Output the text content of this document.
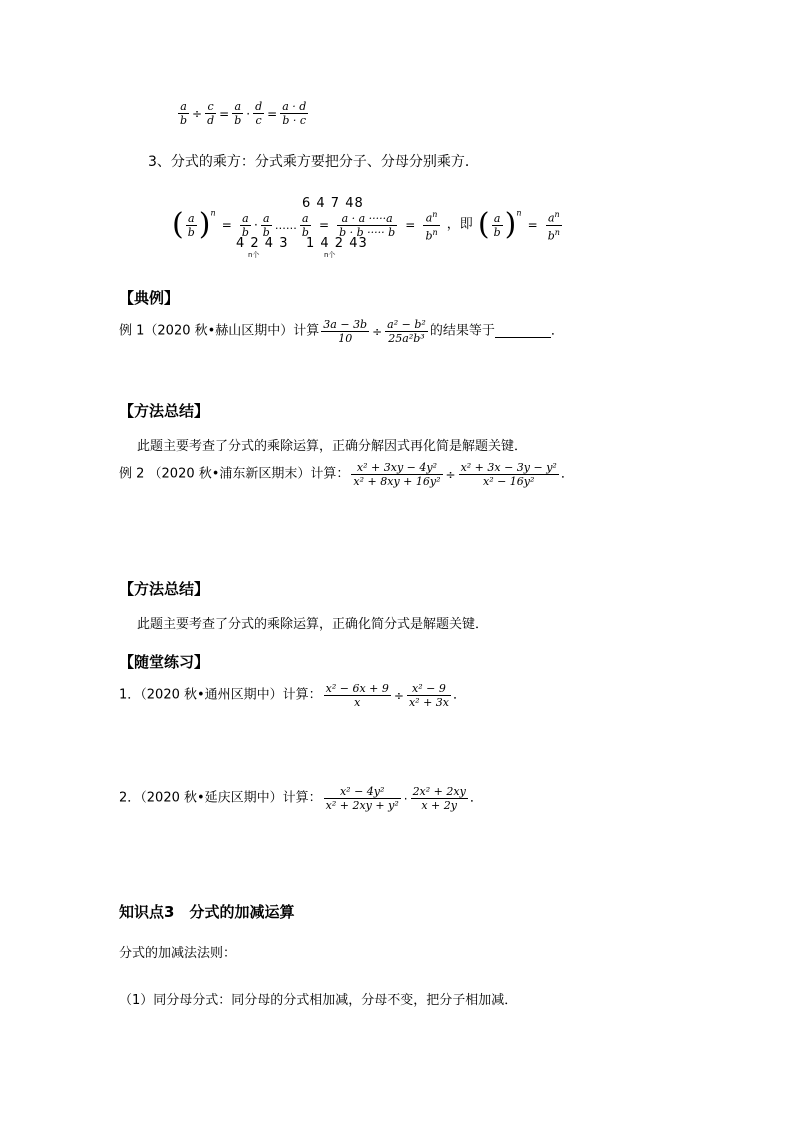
$\frac{a}{b} \div \frac{c}{d} = \frac{a}{b} \cdot \frac{d}{c} = \frac{a \cdot d}{b \cdot c}$
3、分式的乘方：分式乘方要把分子、分母分别乘方．
6 4 7 48
( $\frac{a}{b} )^n = \frac{a}{b} \cdot \frac{a}{b}$ …… $\frac{a}{b} = \frac{a \cdot a \cdot\cdot\cdot\cdot\cdot a}{b \cdot b \cdot\cdot\cdot\cdot\cdot b} = \frac{a^n}{b^n}$ ，即 ( $\frac{a}{b} )^n = \frac{a^n}{b^n}$
4 2 4 3 1 4 2 43
n个	n个
【典例】
例 1（2020 秋•赫山区期中）计算 $\frac{3a - 3b}{10} \div \frac{\text{a² − b²}}{\text{25a²b³}}$ 的结果等于	．
【方法总结】
此题主要考查了分式的乘除运算，正确分解因式再化简是解题关键．
例 2 （2020 秋•浦东新区期末）计算： $\frac{\text{x² + 3xy − 4y²}}{\text{x² + 8xy + 16y²}} \div \frac{\text{x² + 3x − 3y − y²}}{\text{x² − 16y²}}$ ．
【方法总结】
此题主要考查了分式的乘除运算，正确化简分式是解题关键．
【随堂练习】
1．（2020 秋•通州区期中）计算： $\frac{\text{x² − 6x + 9}}{x} \div \frac{\text{x² − 9}}{\text{x² + 3x}}$ ．
2．（2020 秋•延庆区期中）计算： $\frac{\text{x² − 4y²}}{\text{x² + 2xy + y²}} \cdot \frac{\text{2x² + 2xy}}{x + 2y}$ ．
知识点3　分式的加减运算
分式的加减法法则：
（1）同分母分式：同分母的分式相加减，分母不变，把分子相加减．
